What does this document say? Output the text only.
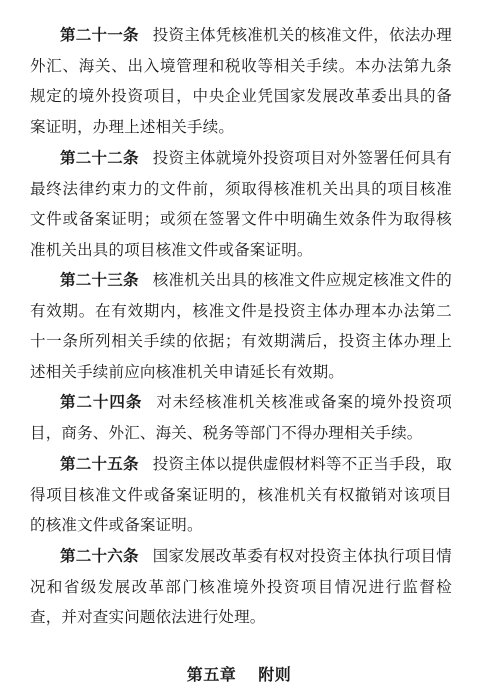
第二十一条 投资主体凭核准机关的核准文件，依法办理外汇、海关、出入境管理和税收等相关手续。本办法第九条规定的境外投资项目，中央企业凭国家发展改革委出具的备案证明，办理上述相关手续。

第二十二条 投资主体就境外投资项目对外签署任何具有最终法律约束力的文件前，须取得核准机关出具的项目核准文件或备案证明；或须在签署文件中明确生效条件为取得核准机关出具的项目核准文件或备案证明。

第二十三条 核准机关出具的核准文件应规定核准文件的有效期。在有效期内，核准文件是投资主体办理本办法第二十一条所列相关手续的依据；有效期满后，投资主体办理上述相关手续前应向核准机关申请延长有效期。

第二十四条 对未经核准机关核准或备案的境外投资项目，商务、外汇、海关、税务等部门不得办理相关手续。

第二十五条 投资主体以提供虚假材料等不正当手段，取得项目核准文件或备案证明的，核准机关有权撤销对该项目的核准文件或备案证明。

第二十六条 国家发展改革委有权对投资主体执行项目情况和省级发展改革部门核准境外投资项目情况进行监督检查，并对查实问题依法进行处理。

第五章 附则
